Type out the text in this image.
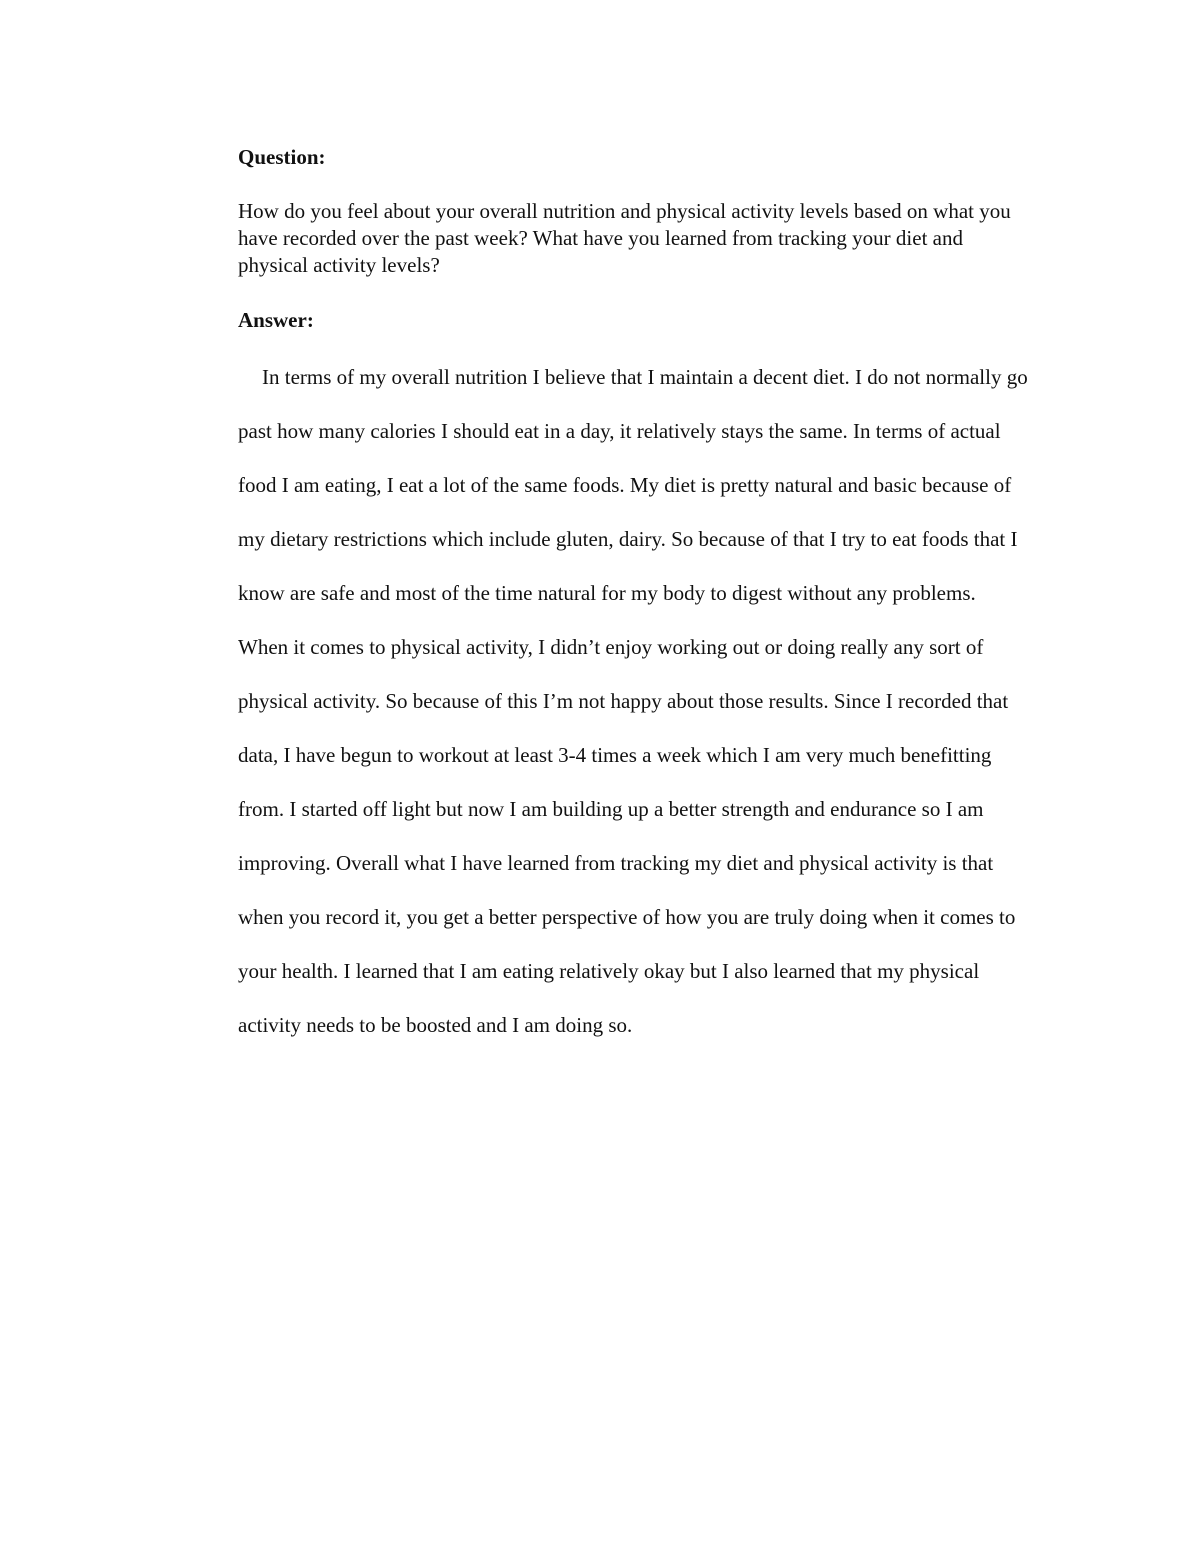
Question:

How do you feel about your overall nutrition and physical activity levels based on what you have recorded over the past week? What have you learned from tracking your diet and physical activity levels?

Answer:

In terms of my overall nutrition I believe that I maintain a decent diet. I do not normally go past how many calories I should eat in a day, it relatively stays the same. In terms of actual food I am eating, I eat a lot of the same foods. My diet is pretty natural and basic because of my dietary restrictions which include gluten, dairy. So because of that I try to eat foods that I know are safe and most of the time natural for my body to digest without any problems. When it comes to physical activity, I didn’t enjoy working out or doing really any sort of physical activity. So because of this I’m not happy about those results. Since I recorded that data, I have begun to workout at least 3-4 times a week which I am very much benefitting from. I started off light but now I am building up a better strength and endurance so I am improving. Overall what I have learned from tracking my diet and physical activity is that when you record it, you get a better perspective of how you are truly doing when it comes to your health. I learned that I am eating relatively okay but I also learned that my physical activity needs to be boosted and I am doing so.
